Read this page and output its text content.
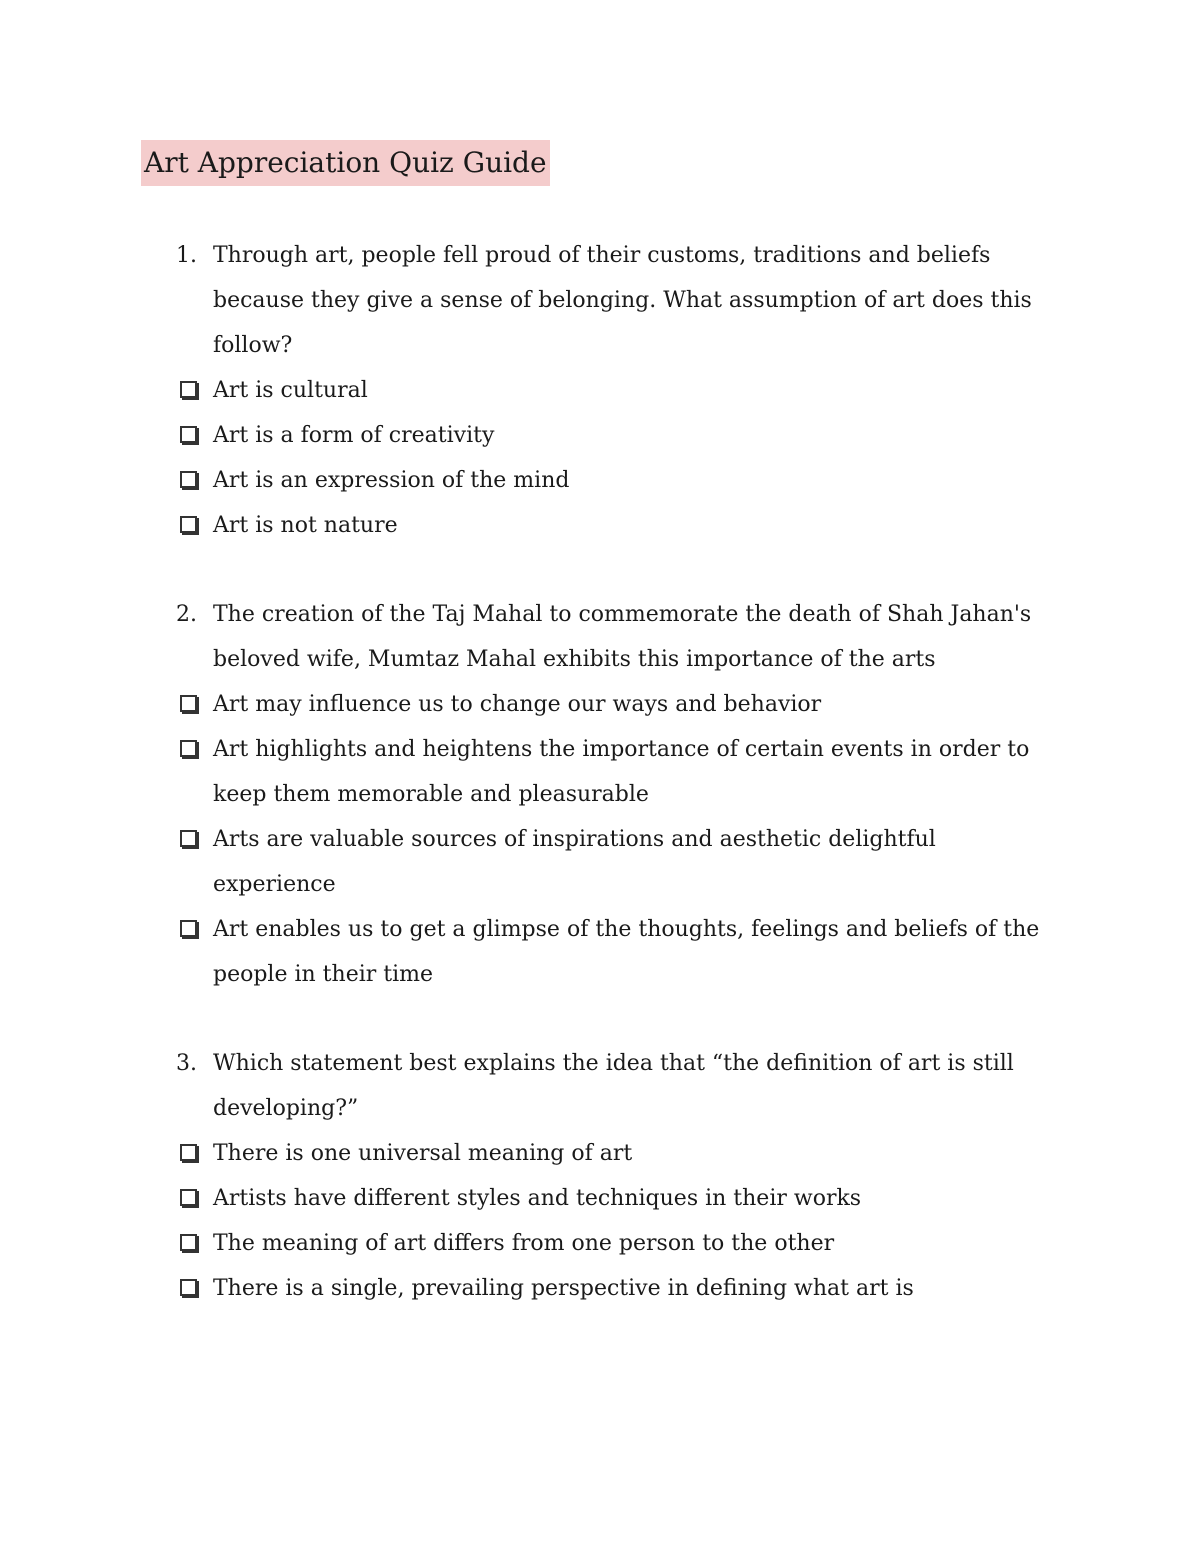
Art Appreciation Quiz Guide
1. Through art, people fell proud of their customs, traditions and beliefs because they give a sense of belonging. What assumption of art does this follow?
Art is cultural
Art is a form of creativity
Art is an expression of the mind
Art is not nature
2. The creation of the Taj Mahal to commemorate the death of Shah Jahan's beloved wife, Mumtaz Mahal exhibits this importance of the arts
Art may influence us to change our ways and behavior
Art highlights and heightens the importance of certain events in order to keep them memorable and pleasurable
Arts are valuable sources of inspirations and aesthetic delightful experience
Art enables us to get a glimpse of the thoughts, feelings and beliefs of the people in their time
3. Which statement best explains the idea that “the definition of art is still developing?”
There is one universal meaning of art
Artists have different styles and techniques in their works
The meaning of art differs from one person to the other
There is a single, prevailing perspective in defining what art is
